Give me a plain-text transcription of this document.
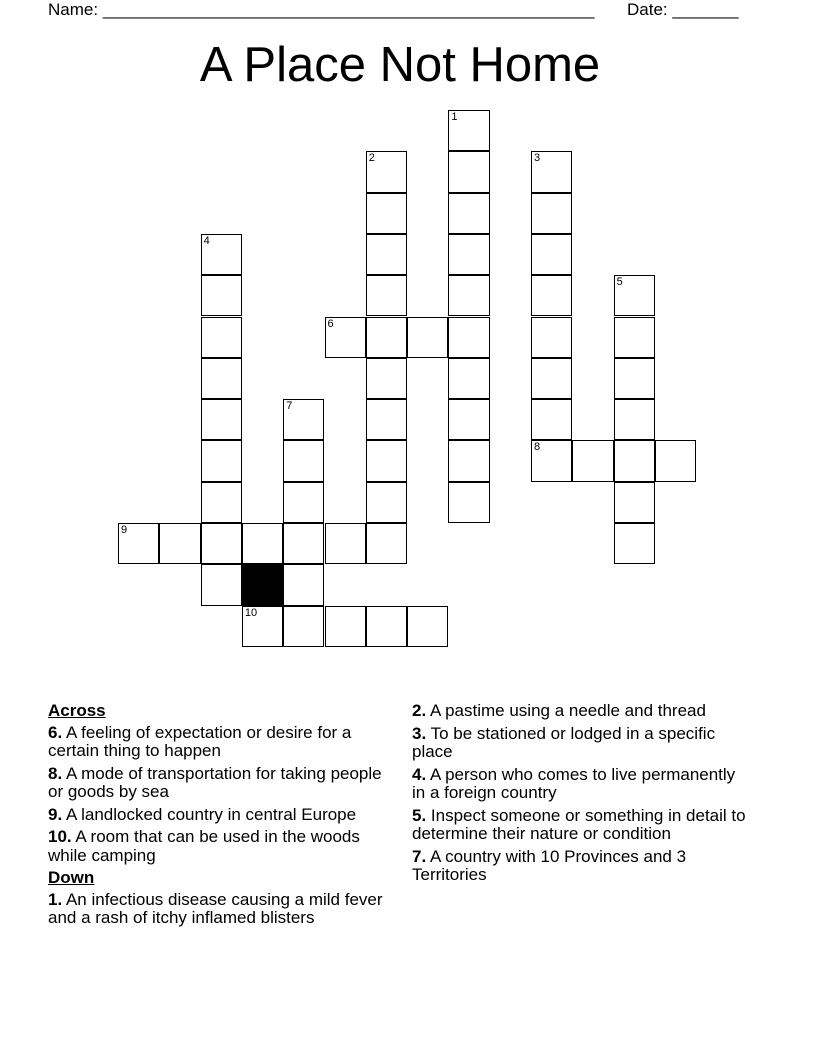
Name: ____________________________________________________ Date: _______
A Place Not Home
1
2	3
8
4
5
6
7
9
10
Across
6. A feeling of expectation or desire for a certain thing to happen
8. A mode of transportation for taking people or goods by sea
9. A landlocked country in central Europe
10. A room that can be used in the woods while camping
Down
1. An infectious disease causing a mild fever and a rash of itchy inflamed blisters
2. A pastime using a needle and thread
3. To be stationed or lodged in a specific place
4. A person who comes to live permanently in a foreign country
5. Inspect someone or something in detail to determine their nature or condition
7. A country with 10 Provinces and 3 Territories
